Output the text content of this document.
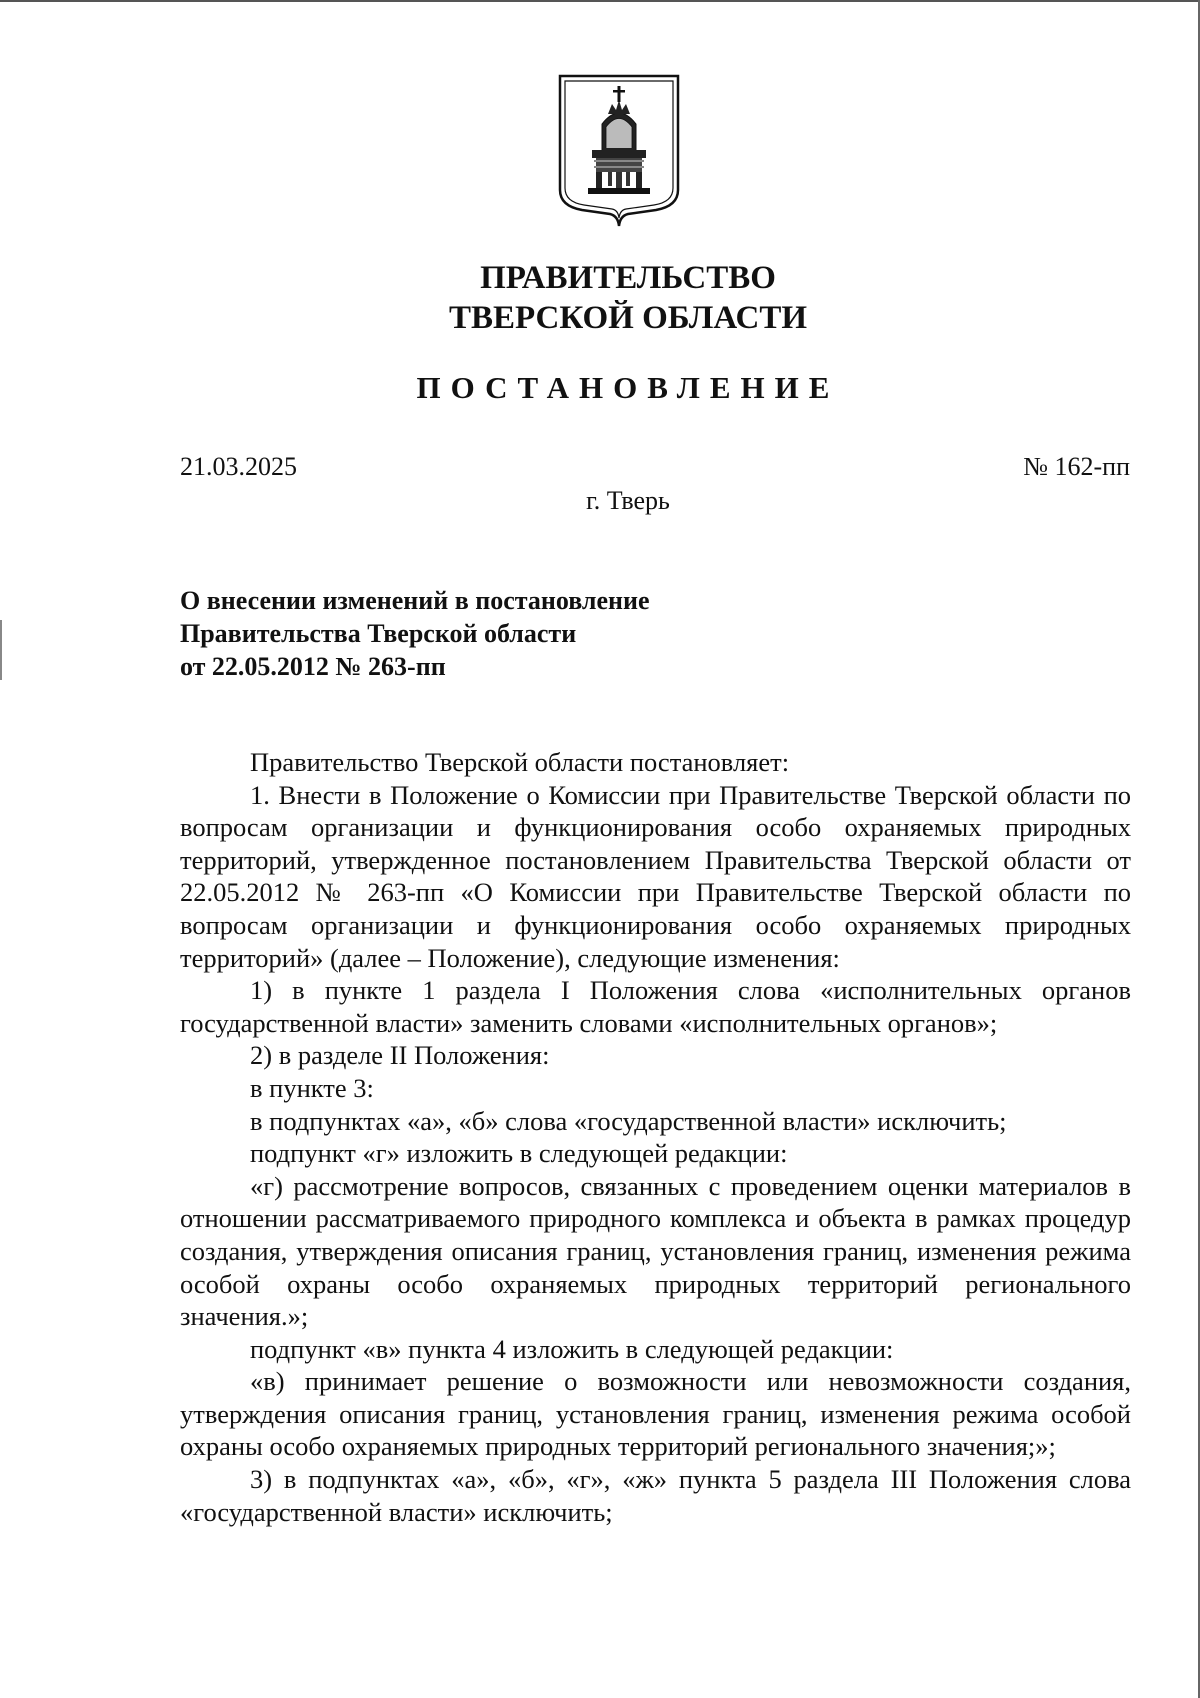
ПРАВИТЕЛЬСТВО
ТВЕРСКОЙ ОБЛАСТИ
ПОСТАНОВЛЕНИЕ
21.03.2025	№ 162-пп
г. Тверь
О внесении изменений в постановление
Правительства Тверской области
от 22.05.2012 № 263-пп

Правительство Тверской области постановляет:

1. Внести в Положение о Комиссии при Правительстве Тверской области по вопросам организации и функционирования особо охраняемых природных территорий, утвержденное постановлением Правительства Тверской области от 22.05.2012 № 263-пп «О Комиссии при Правительстве Тверской области по вопросам организации и функционирования особо охраняемых природных территорий» (далее – Положение), следующие изменения:

1) в пункте 1 раздела I Положения слова «исполнительных органов государственной власти» заменить словами «исполнительных органов»;

2) в разделе II Положения:

в пункте 3:

в подпунктах «а», «б» слова «государственной власти» исключить;

подпункт «г» изложить в следующей редакции:

«г) рассмотрение вопросов, связанных с проведением оценки материалов в отношении рассматриваемого природного комплекса и объекта в рамках процедур создания, утверждения описания границ, установления границ, изменения режима особой охраны особо охраняемых природных территорий регионального значения.»;

подпункт «в» пункта 4 изложить в следующей редакции:

«в) принимает решение о возможности или невозможности создания, утверждения описания границ, установления границ, изменения режима особой охраны особо охраняемых природных территорий регионального значения;»;

3) в подпунктах «а», «б», «г», «ж» пункта 5 раздела III Положения слова «государственной власти» исключить;
